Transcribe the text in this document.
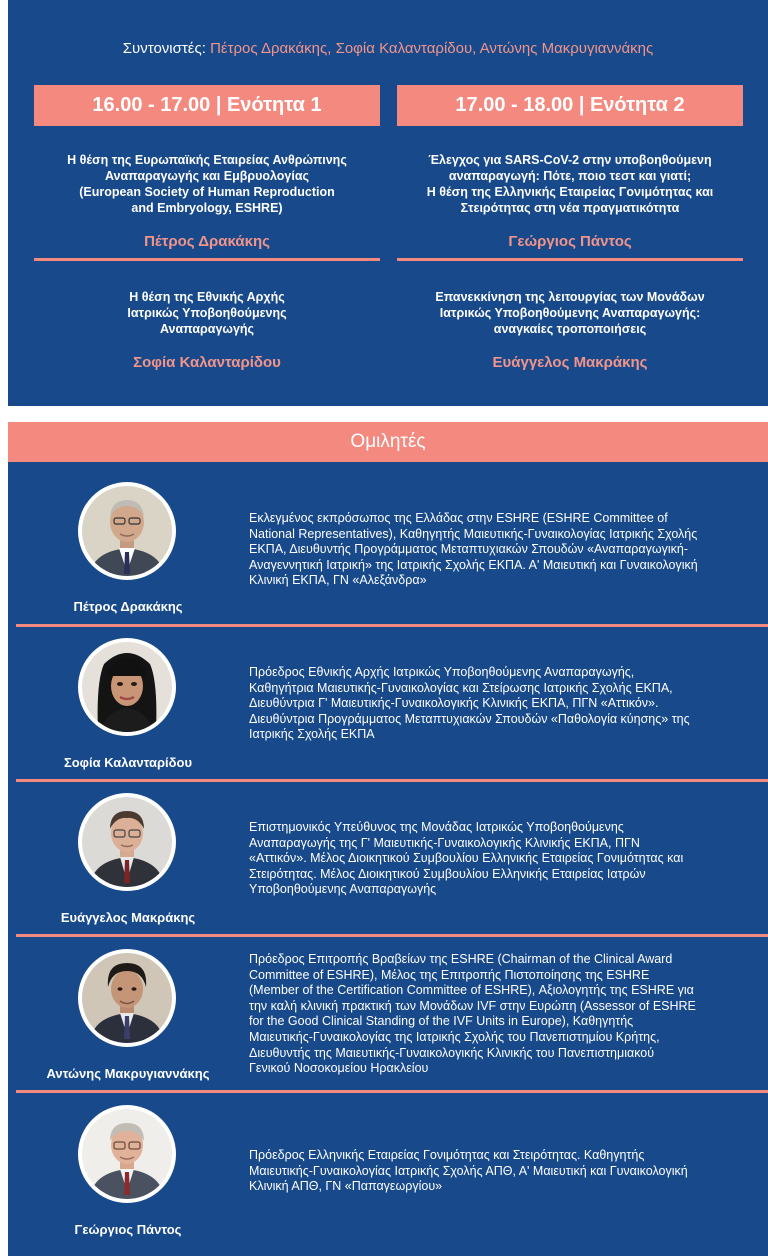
Συντονιστές: Πέτρος Δρακάκης, Σοφία Καλανταρίδου, Αντώνης Μακρυγιαννάκης
16.00 - 17.00 | Ενότητα 1
Η θέση της Ευρωπαϊκής Εταιρείας Ανθρώπινης
Αναπαραγωγής και Εμβρυολογίας
(European Society of Human Reproduction
and Embryology, ESHRE)
Πέτρος Δρακάκης
Η θέση της Εθνικής Αρχής
Ιατρικώς Υποβοηθούμενης
Αναπαραγωγής
Σοφία Καλανταρίδου
17.00 - 18.00 | Ενότητα 2
Έλεγχος για SARS-CoV-2 στην υποβοηθούμενη
αναπαραγωγή: Πότε, ποιο τεστ και γιατί;
Η θέση της Ελληνικής Εταιρείας Γονιμότητας και
Στειρότητας στη νέα πραγματικότητα
Γεώργιος Πάντος
Επανεκκίνηση της λειτουργίας των Μονάδων
Ιατρικώς Υποβοηθούμενης Αναπαραγωγής:
αναγκαίες τροποποιήσεις
Ευάγγελος Μακράκης
Ομιλητές
Πέτρος Δρακάκης
Εκλεγμένος εκπρόσωπος της Ελλάδας στην ESHRE (ESHRE Committee of
National Representatives), Καθηγητής Μαιευτικής-Γυναικολογίας Ιατρικής Σχολής
ΕΚΠΑ, Διευθυντής Προγράμματος Μεταπτυχιακών Σπουδών «Αναπαραγωγική-
Αναγεννητική Ιατρική» της Ιατρικής Σχολής ΕΚΠΑ. Α' Μαιευτική και Γυναικολογική
Κλινική ΕΚΠΑ, ΓΝ «Αλεξάνδρα»
Σοφία Καλανταρίδου
Πρόεδρος Εθνικής Αρχής Ιατρικώς Υποβοηθούμενης Αναπαραγωγής,
Καθηγήτρια Μαιευτικής-Γυναικολογίας και Στείρωσης Ιατρικής Σχολής ΕΚΠΑ,
Διευθύντρια Γ' Μαιευτικής-Γυναικολογικής Κλινικής ΕΚΠΑ, ΠΓΝ «Αττικόν».
Διευθύντρια Προγράμματος Μεταπτυχιακών Σπουδών «Παθολογία κύησης» της
Ιατρικής Σχολής ΕΚΠΑ
Ευάγγελος Μακράκης
Επιστημονικός Υπεύθυνος της Μονάδας Ιατρικώς Υποβοηθούμενης
Αναπαραγωγής της Γ' Μαιευτικής-Γυναικολογικής Κλινικής ΕΚΠΑ, ΠΓΝ
«Αττικόν». Μέλος Διοικητικού Συμβουλίου Ελληνικής Εταιρείας Γονιμότητας και
Στειρότητας. Μέλος Διοικητικού Συμβουλίου Ελληνικής Εταιρείας Ιατρών
Υποβοηθούμενης Αναπαραγωγής
Αντώνης Μακρυγιαννάκης
Πρόεδρος Επιτροπής Βραβείων της ESHRE (Chairman of the Clinical Award
Committee of ESHRE), Μέλος της Επιτροπής Πιστοποίησης της ESHRE
(Member of the Certification Committee of ESHRE), Αξιολογητής της ESHRE για
την καλή κλινική πρακτική των Μονάδων IVF στην Ευρώπη (Assessor of ESHRE
for the Good Clinical Standing of the IVF Units in Europe), Καθηγητής
Μαιευτικής-Γυναικολογίας της Ιατρικής Σχολής του Πανεπιστημίου Κρήτης,
Διευθυντής της Μαιευτικής-Γυναικολογικής Κλινικής του Πανεπιστημιακού
Γενικού Νοσοκομείου Ηρακλείου
Γεώργιος Πάντος
Πρόεδρος Ελληνικής Εταιρείας Γονιμότητας και Στειρότητας. Καθηγητής
Μαιευτικής-Γυναικολογίας Ιατρικής Σχολής ΑΠΘ, Α' Μαιευτική και Γυναικολογική
Κλινική ΑΠΘ, ΓΝ «Παπαγεωργίου»
